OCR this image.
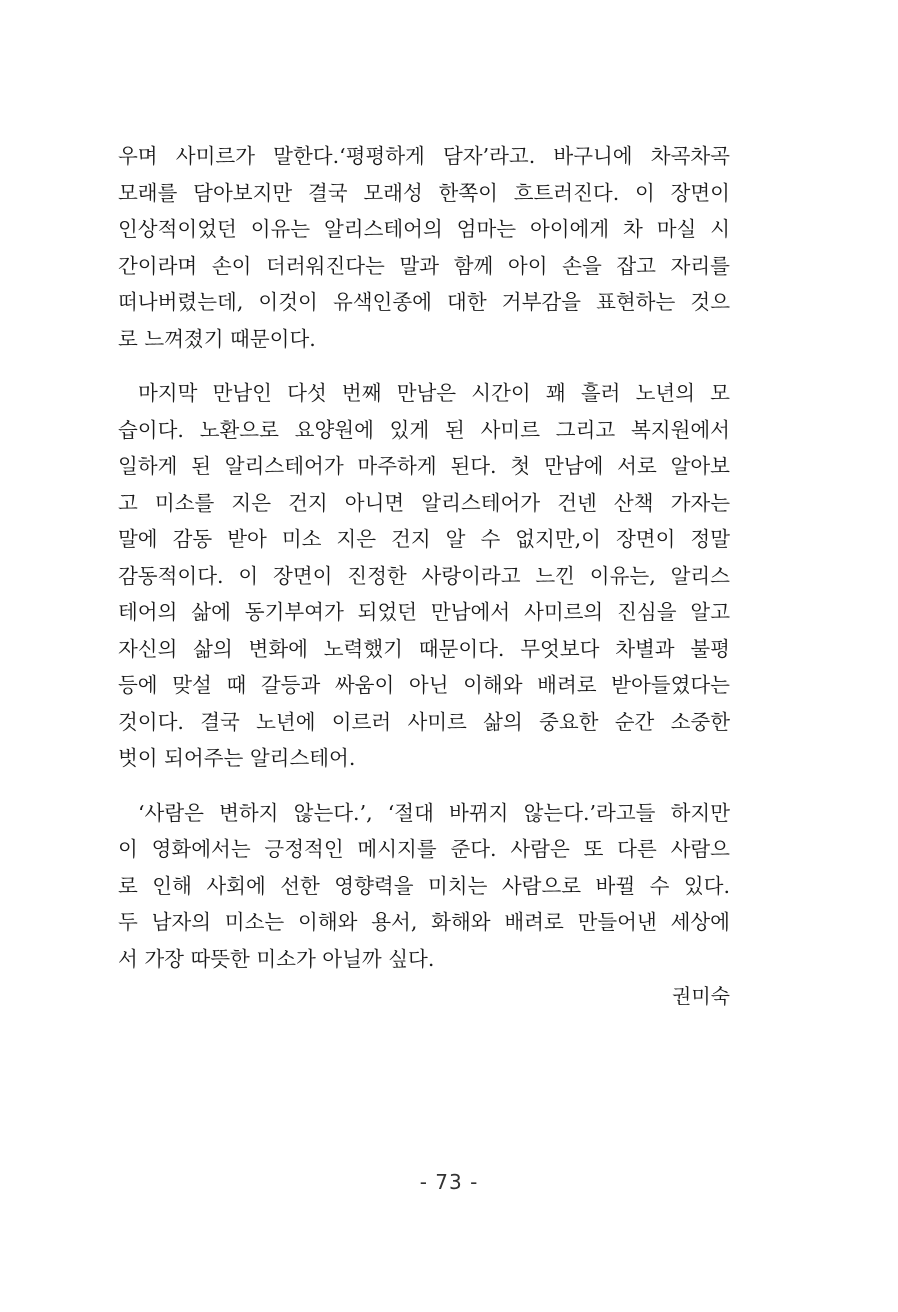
우며 사미르가 말한다.‘평평하게 담자’라고. 바구니에 차곡차곡
모래를 담아보지만 결국 모래성 한쪽이 흐트러진다. 이 장면이
인상적이었던 이유는 알리스테어의 엄마는 아이에게 차 마실 시
간이라며 손이 더러워진다는 말과 함께 아이 손을 잡고 자리를
떠나버렸는데, 이것이 유색인종에 대한 거부감을 표현하는 것으
로 느껴졌기 때문이다.

마지막 만남인 다섯 번째 만남은 시간이 꽤 흘러 노년의 모
습이다. 노환으로 요양원에 있게 된 사미르 그리고 복지원에서
일하게 된 알리스테어가 마주하게 된다. 첫 만남에 서로 알아보
고 미소를 지은 건지 아니면 알리스테어가 건넨 산책 가자는
말에 감동 받아 미소 지은 건지 알 수 없지만,이 장면이 정말
감동적이다. 이 장면이 진정한 사랑이라고 느낀 이유는, 알리스
테어의 삶에 동기부여가 되었던 만남에서 사미르의 진심을 알고
자신의 삶의 변화에 노력했기 때문이다. 무엇보다 차별과 불평
등에 맞설 때 갈등과 싸움이 아닌 이해와 배려로 받아들였다는
것이다. 결국 노년에 이르러 사미르 삶의 중요한 순간 소중한
벗이 되어주는 알리스테어.

‘사람은 변하지 않는다.’, ‘절대 바뀌지 않는다.’라고들 하지만
이 영화에서는 긍정적인 메시지를 준다. 사람은 또 다른 사람으
로 인해 사회에 선한 영향력을 미치는 사람으로 바뀔 수 있다.
두 남자의 미소는 이해와 용서, 화해와 배려로 만들어낸 세상에
서 가장 따뜻한 미소가 아닐까 싶다.

권미숙
- 73 -
